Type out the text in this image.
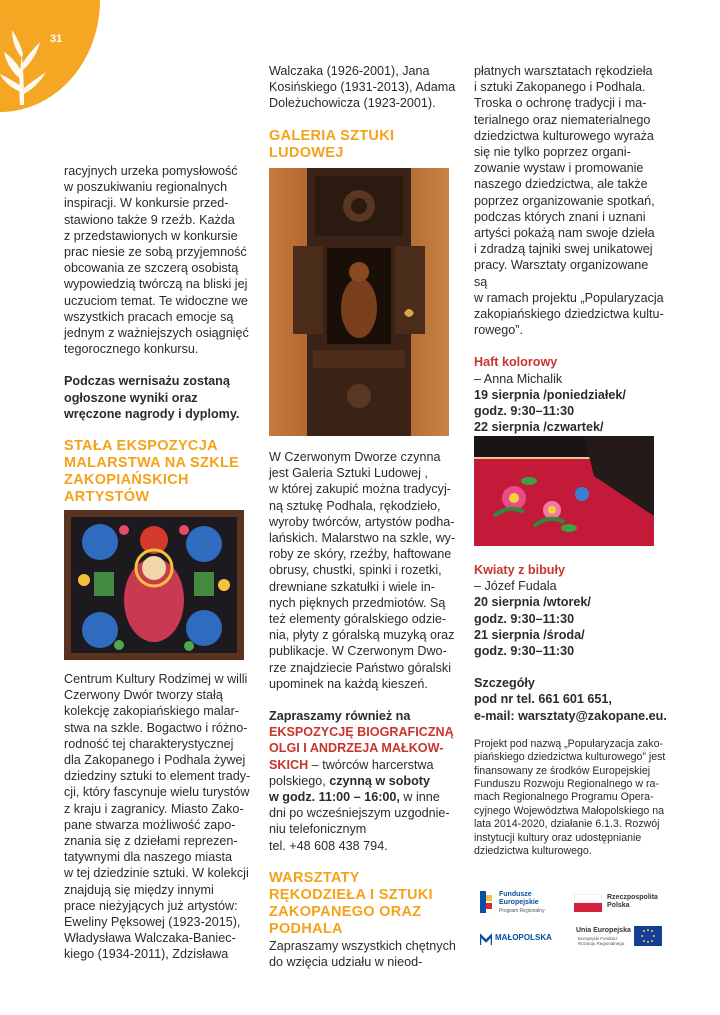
31

racyjnych urzeka pomysłowość
w poszukiwaniu regionalnych
inspiracji. W konkursie przed-
stawiono także 9 rzeźb. Każda
z przedstawionych w konkursie
prac niesie ze sobą przyjemność
obcowania ze szczerą osobistą
wypowiedzią twórczą na bliski jej
uczuciom temat. Te widoczne we
wszystkich pracach emocje są
jednym z ważniejszych osiągnięć
tegorocznego konkursu.

Podczas wernisażu zostaną
ogłoszone wyniki oraz
wręczone nagrody i dyplomy.

STAŁA EKSPOZYCJA
MALARSTWA NA SZKLE
ZAKOPIAŃSKICH
ARTYSTÓW

Centrum Kultury Rodzimej w willi
Czerwony Dwór tworzy stałą
kolekcję zakopiańskiego malar-
stwa na szkle. Bogactwo i różno-
rodność tej charakterystycznej
dla Zakopanego i Podhala żywej
dziedziny sztuki to element trady-
cji, który fascynuje wielu turystów
z kraju i zagranicy. Miasto Zako-
pane stwarza możliwość zapo-
znania się z dziełami reprezen-
tatywnymi dla naszego miasta
w tej dziedzinie sztuki. W kolekcji
znajdują się między innymi
prace nieżyjących już artystów:
Eweliny Pęksowej (1923-2015),
Władysława Walczaka-Baniec-
kiego (1934-2011), Zdzisława

Walczaka (1926-2001), Jana
Kosińskiego (1931-2013), Adama
Doleżuchowicza (1923-2001).

GALERIA SZTUKI
LUDOWEJ

W Czerwonym Dworze czynna
jest Galeria Sztuki Ludowej ,
w której zakupić można tradycyj-
ną sztukę Podhala, rękodzieło,
wyroby twórców, artystów podha-
lańskich. Malarstwo na szkle, wy-
roby ze skóry, rzeźby, haftowane
obrusy, chustki, spinki i rozetki,
drewniane szkatułki i wiele in-
nych pięknych przedmiotów. Są
też elementy góralskiego odzie-
nia, płyty z góralską muzyką oraz
publikacje. W Czerwonym Dwo-
rze znajdziecie Państwo góralski
upominek na każdą kieszeń.

Zapraszamy również na
EKSPOZYCJĘ BIOGRAFICZNĄ
OLGI I ANDRZEJA MAŁKOW-
SKICH – twórców harcerstwa
polskiego, czynną w soboty
w godz. 11:00 – 16:00, w inne
dni po wcześniejszym uzgodnie-
niu telefonicznym
tel. +48 608 438 794.

WARSZTATY
RĘKODZIEŁA I SZTUKI
ZAKOPANEGO ORAZ
PODHALA

Zapraszamy wszystkich chętnych
do wzięcia udziału w nieod-

płatnych warsztatach rękodzieła
i sztuki Zakopanego i Podhala.
Troska o ochronę tradycji i ma-
terialnego oraz niematerialnego
dziedzictwa kulturowego wyraża
się nie tylko poprzez organi-
zowanie wystaw i promowanie
naszego dziedzictwa, ale także
poprzez organizowanie spotkań,
podczas których znani i uznani
artyści pokażą nam swoje dzieła
i zdradzą tajniki swej unikatowej
pracy. Warsztaty organizowane są
w ramach projektu „Popularyzacja
zakopiańskiego dziedzictwa kultu-
rowego”.

Haft kolorowy

– Anna Michalik

19 sierpnia /poniedziałek/
godz. 9:30–11:30
22 sierpnia /czwartek/

Kwiaty z bibuły

– Józef Fudala

20 sierpnia /wtorek/
godz. 9:30–11:30
21 sierpnia /środa/
godz. 9:30–11:30

Szczegóły
pod nr tel. 661 601 651,
e-mail: warsztaty@zakopane.eu.

Projekt pod nazwą „Popularyzacja zako-
piańskiego dziedzictwa kulturowego” jest
finansowany ze środków Europejskiej
Funduszu Rozwoju Regionalnego w ra-
mach Regionalnego Programu Opera-
cyjnego Województwa Małopolskiego na
lata 2014-2020, działanie 6.1.3. Rozwój
instytucji kultury oraz udostępnianie
dziedzictwa kulturowego.

Fundusze
Europejskie
Program Regionalny
Rzeczpospolita
Polska
MAŁOPOLSKA
Unia Europejska
Europejski Fundusz
Rozwoju Regionalnego
